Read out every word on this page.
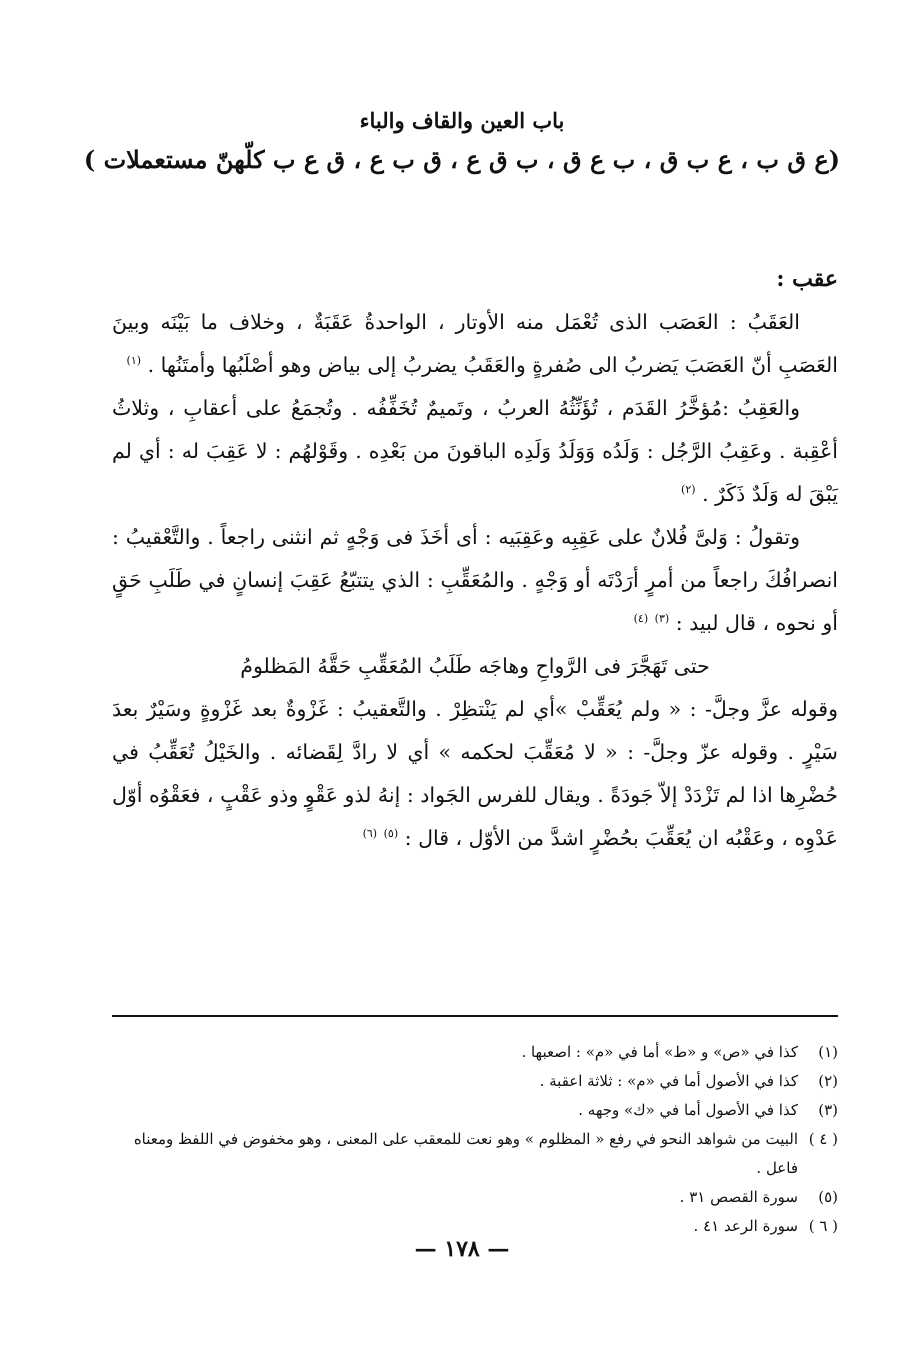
باب العين والقاف والباء
(ع ق ب ، ع ب ق ، ب ع ق ، ب ق ع ، ق ب ع ، ق ع ب كلّهنّ مستعملات )

عقب :

العَقَبُ : العَصَب الذى تُعْمَل منه الأوتار ، الواحدةُ عَقَبَةٌ ، وخلاف ما بَيْنَه وبينَ العَصَبِ أنّ العَصَبَ يَضربُ الى صُفرةٍ والعَقَبُ يضربُ إلى بياض وهو أصْلَبُها وأمتَنُها . $^{(١)}$

والعَقِبُ :مُؤخَّرُ القَدَم ، تُؤَنِّثُهُ العربُ ، وتَميمٌ تُخَفِّفُه . وتُجمَعُ على أعقابِ ، وثلاثُ أعْقِبة . وعَقِبُ الرَّجُل : وَلَدُه وَوَلَدُ وَلَدِه الباقونَ من بَعْدِه . وقَوْلهُم : لا عَقِبَ له : أي لم يَبْقَ له وَلَدٌ ذَكَرٌ . $^{(٢)}$

وتقولُ : وَلىَّ فُلانٌ على عَقِبِه وعَقِبَيه : أى أخَذَ فى وَجْهٍ ثم انثنى راجعاً . والتَّعْقيبُ : انصرافُكَ راجعاً من أمرٍ أرَدْتَه أو وَجْهٍ . والمُعَقِّبِ : الذي يتتبّعُ عَقِبَ إنسانٍ في طَلَبِ حَقٍ أو نحوه ، قال لبيد : $^{(٣)}$ $^{(٤)}$

حتى تَهَجَّرَ فى الرَّواحِ وهاجَه طَلَبُ المُعَقِّبِ حَقَّهُ المَظلومُ

وقوله عزَّ وجلَّ- : « ولم يُعَقِّبْ »أي لم يَنْتظِرْ . والتَّعقيبُ : غَزْوةٌ بعد غَزْوةٍ وسَيْرٌ بعدَ سَيْرٍ . وقوله عزّ وجلَّ- : « لا مُعَقِّبَ لحكمه » أي لا رادَّ لِقَضائه . والخَيْلُ تُعَقِّبُ في حُضْرِها اذا لم تَزْدَدْ إلاّ جَودَةً . ويقال للفرس الجَواد : إنهُ لذو عَقْوٍ وذو عَقْبٍ ، فعَقْوُه أوّل عَدْوِه ، وعَقْبُه ان يُعَقِّبَ بحُضْرٍ اشدَّ من الأوّل ، قال : $^{(٥)}$ $^{(٦)}$

(١)
كذا في «ص» و «ط» أما في «م» : اصعبها .
(٢)
كذا في الأصول أما في «م» : ثلاثة اعقبة .
(٣)
كذا في الأصول أما في «ك» وجهه .
( ٤ )
البيت من شواهد النحو في رفع « المظلوم » وهو نعت للمعقب على المعنى ، وهو مخفوض في اللفظ ومعناه فاعل .
(٥)
سورة القصص ٣١ .
( ٦ )
سورة الرعد ٤١ .
— ١٧٨ —
